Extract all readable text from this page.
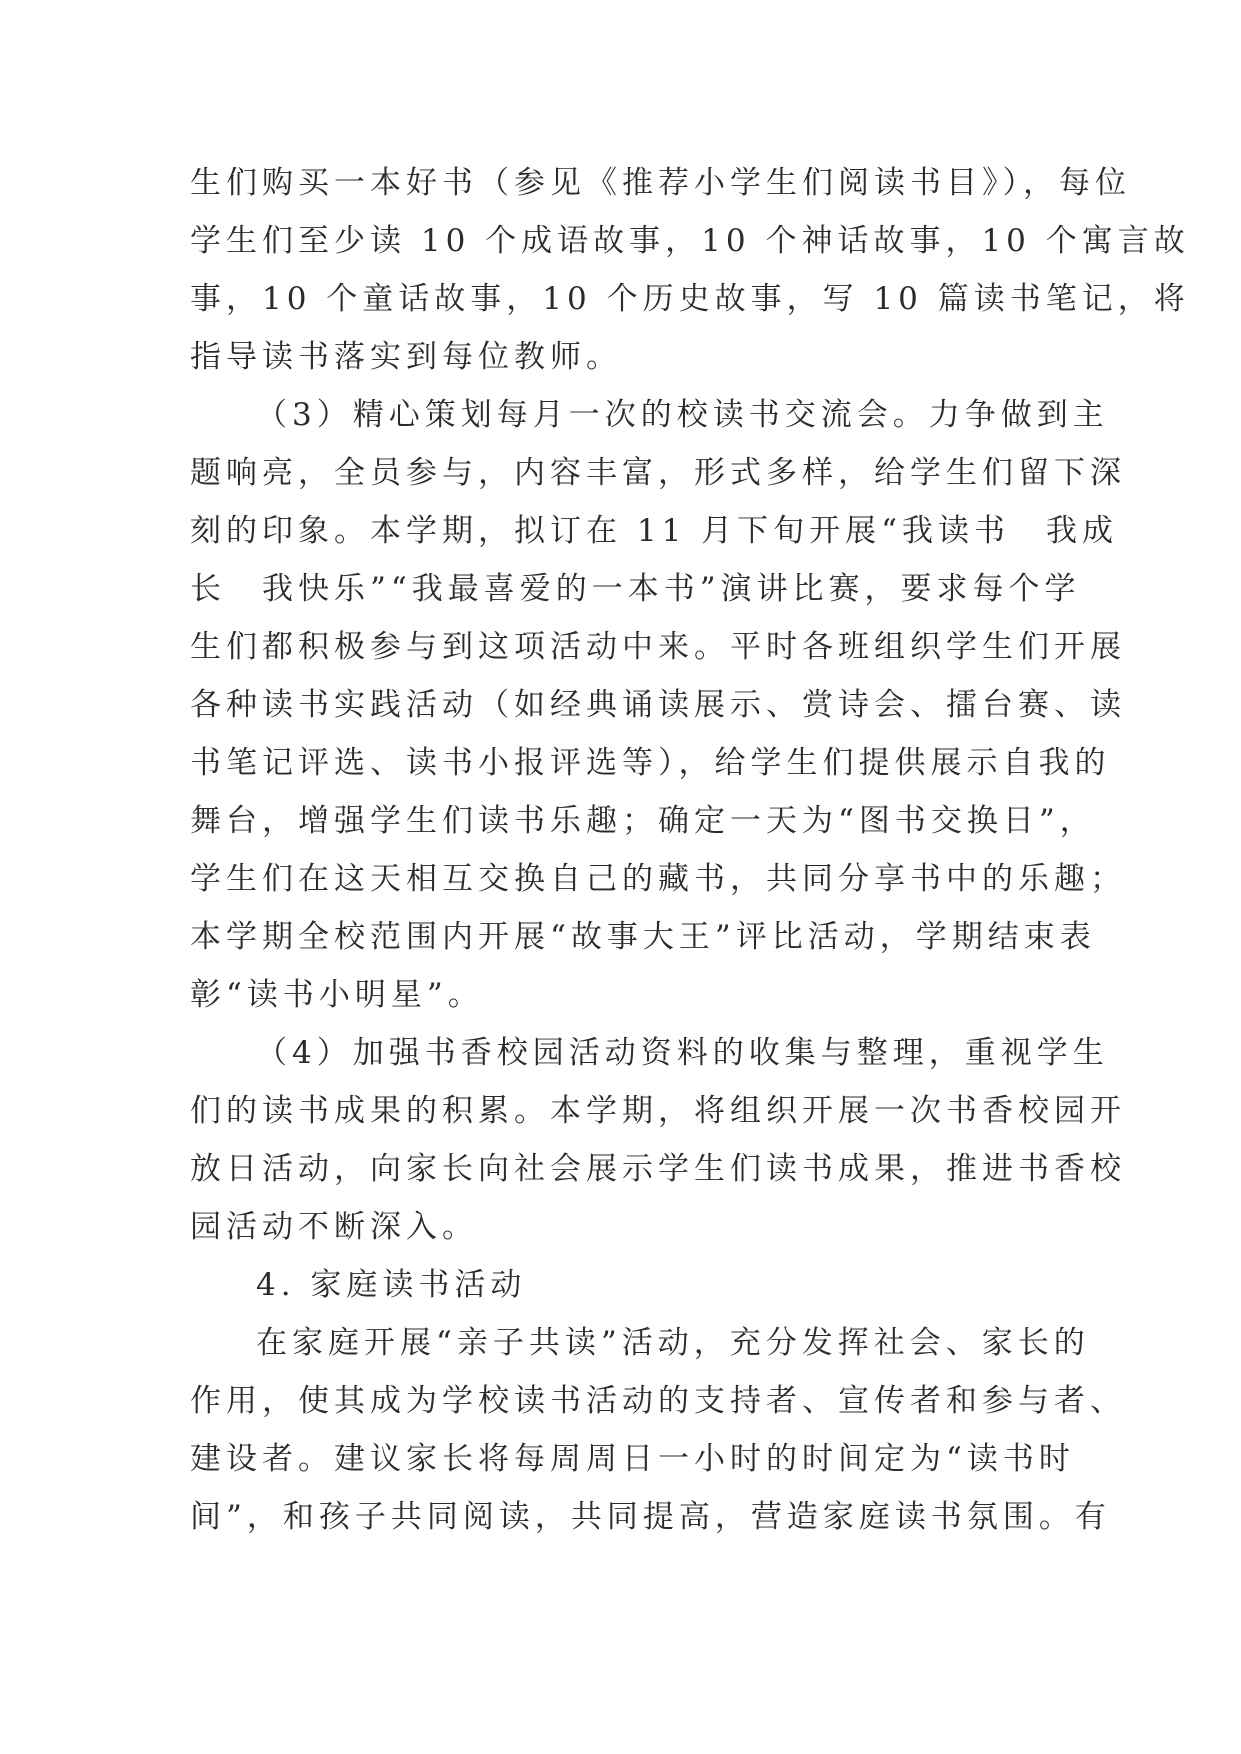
生们购买一本好书（参见《推荐小学生们阅读书目》），每位
学生们至少读 10 个成语故事，10 个神话故事，10 个寓言故
事，10 个童话故事，10 个历史故事，写 10 篇读书笔记，将
指导读书落实到每位教师。
（3）精心策划每月一次的校读书交流会。力争做到主
题响亮，全员参与，内容丰富，形式多样，给学生们留下深
刻的印象。本学期，拟订在 11 月下旬开展“我读书　我成
长　我快乐”“我最喜爱的一本书”演讲比赛，要求每个学
生们都积极参与到这项活动中来。平时各班组织学生们开展
各种读书实践活动（如经典诵读展示、赏诗会、擂台赛、读
书笔记评选、读书小报评选等），给学生们提供展示自我的
舞台，增强学生们读书乐趣；确定一天为“图书交换日”，
学生们在这天相互交换自己的藏书，共同分享书中的乐趣；
本学期全校范围内开展“故事大王”评比活动，学期结束表
彰“读书小明星”。
（4）加强书香校园活动资料的收集与整理，重视学生
们的读书成果的积累。本学期，将组织开展一次书香校园开
放日活动，向家长向社会展示学生们读书成果，推进书香校
园活动不断深入。
4. 家庭读书活动
在家庭开展“亲子共读”活动，充分发挥社会、家长的
作用，使其成为学校读书活动的支持者、宣传者和参与者、
建设者。建议家长将每周周日一小时的时间定为“读书时
间”，和孩子共同阅读，共同提高，营造家庭读书氛围。有
